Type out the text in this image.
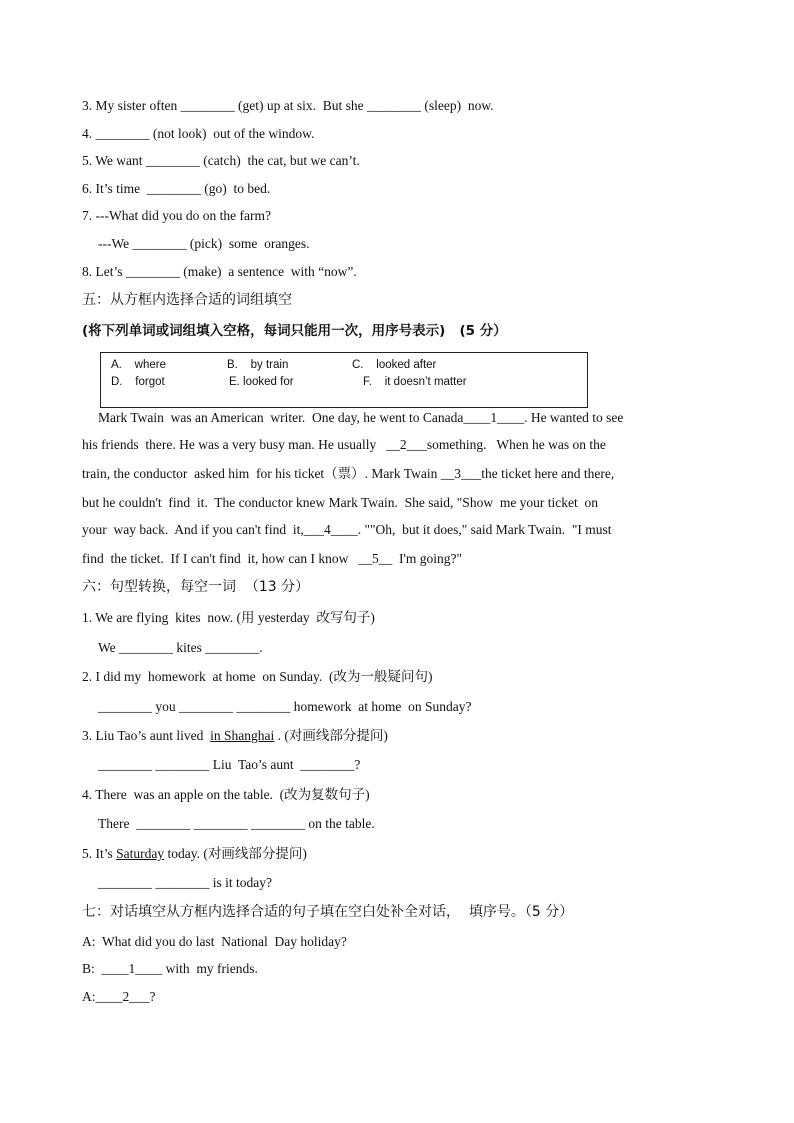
3. My sister often ________ (get) up at six.  But she ________ (sleep)  now.
4. ________ (not look)  out of the window.
5. We want ________ (catch)  the cat, but we can’t.
6. It’s time  ________ (go)  to bed.
7. ---What did you do on the farm?
---We ________ (pick)  some  oranges.
8. Let’s ________ (make)  a sentence  with “now”.
五：从方框内选择合适的词组填空
(将下列单词或词组填入空格，每词只能用一次，用序号表示)   (5 分）
A.    where	B.    by train	C.    looked after
D.    forgot	E. looked for	F.    it doesn’t matter
Mark Twain  was an American  writer.  One day, he went to Canada____1____. He wanted to see
his friends  there. He was a very busy man. He usually   __2___something.   When he was on the
train, the conductor  asked him  for his ticket（票）. Mark Twain __3___the ticket here and there,
but he couldn't  find  it.  The conductor knew Mark Twain.  She said, "Show  me your ticket  on
your  way back.  And if you can't find  it,___4____. ""Oh,  but it does," said Mark Twain.  "I must
find  the ticket.  If I can't find  it, how can I know   __5__  I'm going?"
六：句型转换，每空一词  （13 分）
1. We are flying  kites  now. (用 yesterday  改写句子)
We ________ kites ________.
2. I did my  homework  at home  on Sunday.  (改为一般疑问句)
________ you ________ ________ homework  at home  on Sunday?
3. Liu Tao’s aunt lived  in Shanghai . (对画线部分提问)
________ ________ Liu  Tao’s aunt  ________?
4. There  was an apple on the table.  (改为复数句子)
There  ________ ________ ________ on the table.
5. It’s Saturday today. (对画线部分提问)
________ ________ is it today?
七：对话填空从方框内选择合适的句子填在空白处补全对话，  填序号。（5 分）
A:  What did you do last  National  Day holiday?
B:  ____1____ with  my friends.
A:____2___?
